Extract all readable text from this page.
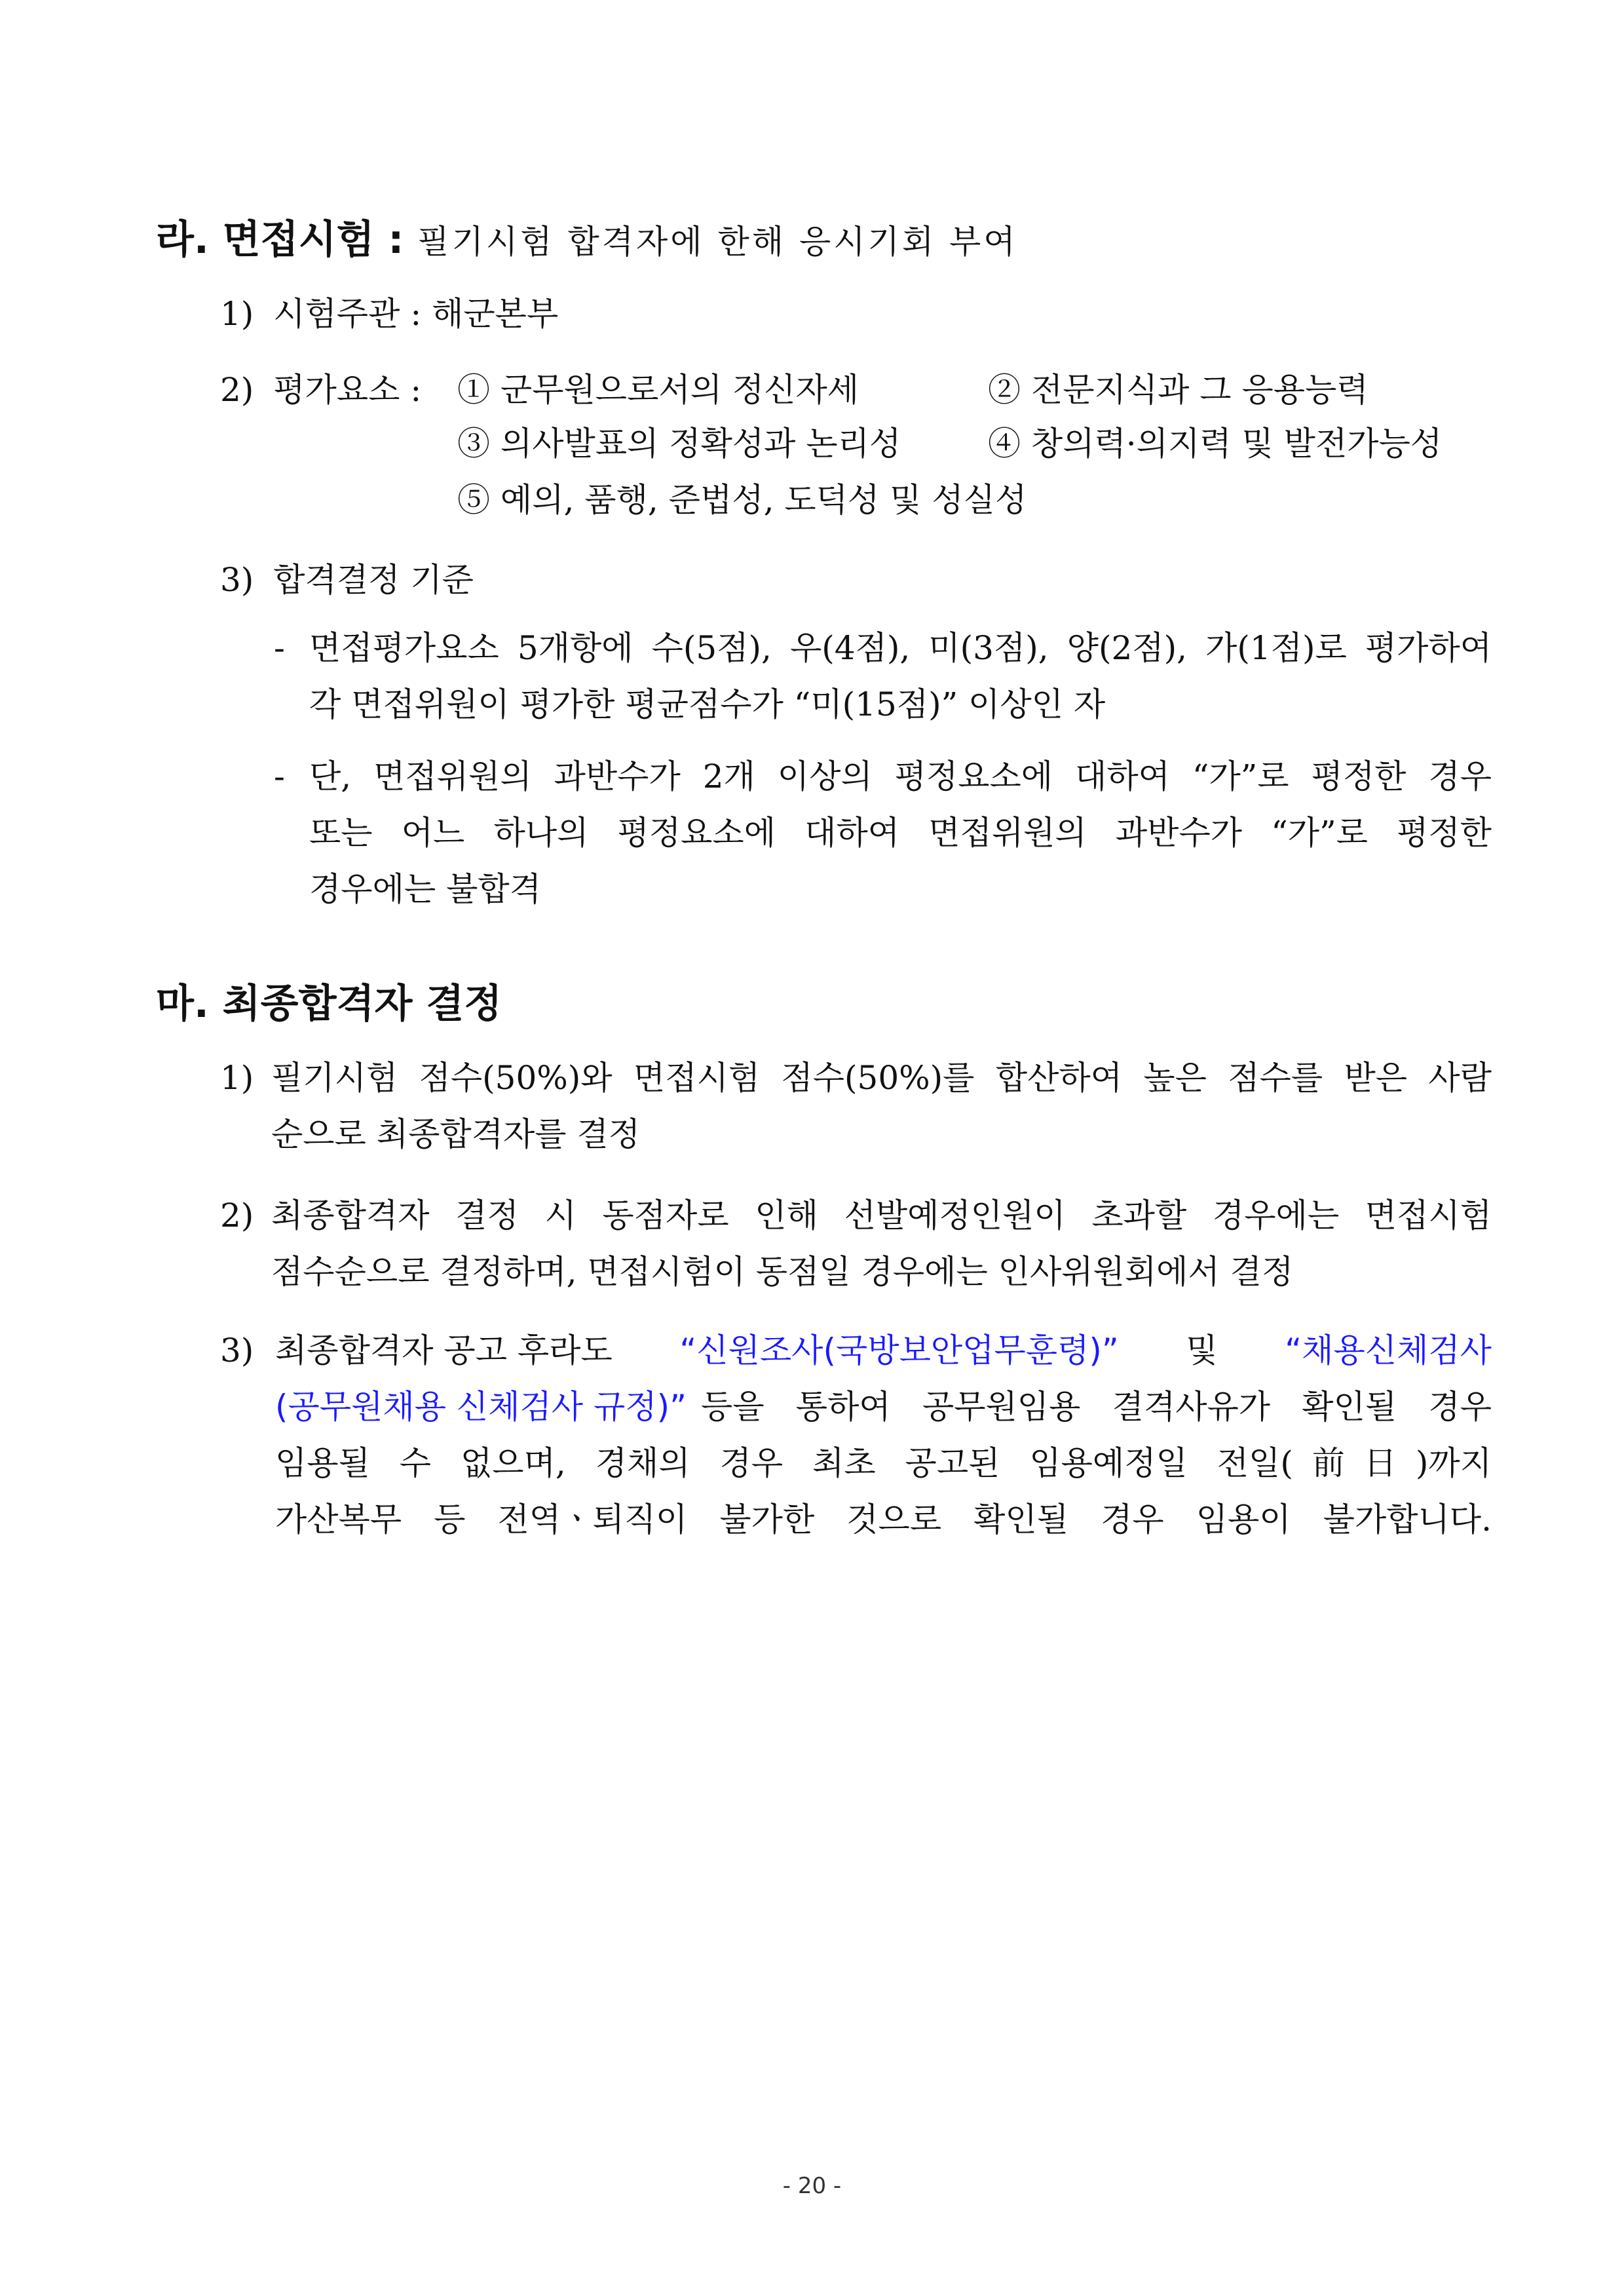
라. 면접시험 : 필기시험 합격자에 한해 응시기회 부여
1) 시험주관 : 해군본부
2) 평가요소 : ① 군무원으로서의 정신자세	② 전문지식과 그 응용능력
③ 의사발표의 정확성과 논리성	④ 창의력·의지력 및 발전가능성
⑤ 예의, 품행, 준법성, 도덕성 및 성실성
3) 합격결정 기준
- 면접평가요소 5개항에 수(5점), 우(4점), 미(3점), 양(2점), 가(1점)로 평가하여
각 면접위원이 평가한 평균점수가 “미(15점)” 이상인 자
- 단, 면접위원의 과반수가 2개 이상의 평정요소에 대하여 “가”로 평정한 경우
또는 어느 하나의 평정요소에 대하여 면접위원의 과반수가 “가”로 평정한
경우에는 불합격
마. 최종합격자 결정
1) 필기시험 점수(50%)와 면접시험 점수(50%)를 합산하여 높은 점수를 받은 사람
순으로 최종합격자를 결정
2) 최종합격자 결정 시 동점자로 인해 선발예정인원이 초과할 경우에는 면접시험
점수순으로 결정하며, 면접시험이 동점일 경우에는 인사위원회에서 결정
3) 최종합격자 공고 후라도 “신원조사(국방보안업무훈령)” 및 “채용신체검사
(공무원채용 신체검사 규정)” 등을 통하여 공무원임용 결격사유가 확인될 경우
임용될 수 없으며, 경채의 경우 최초 공고된 임용예정일 전일(前日)까지
가산복무 등 전역ㆍ퇴직이 불가한 것으로 확인될 경우 임용이 불가합니다.
- 20 -
